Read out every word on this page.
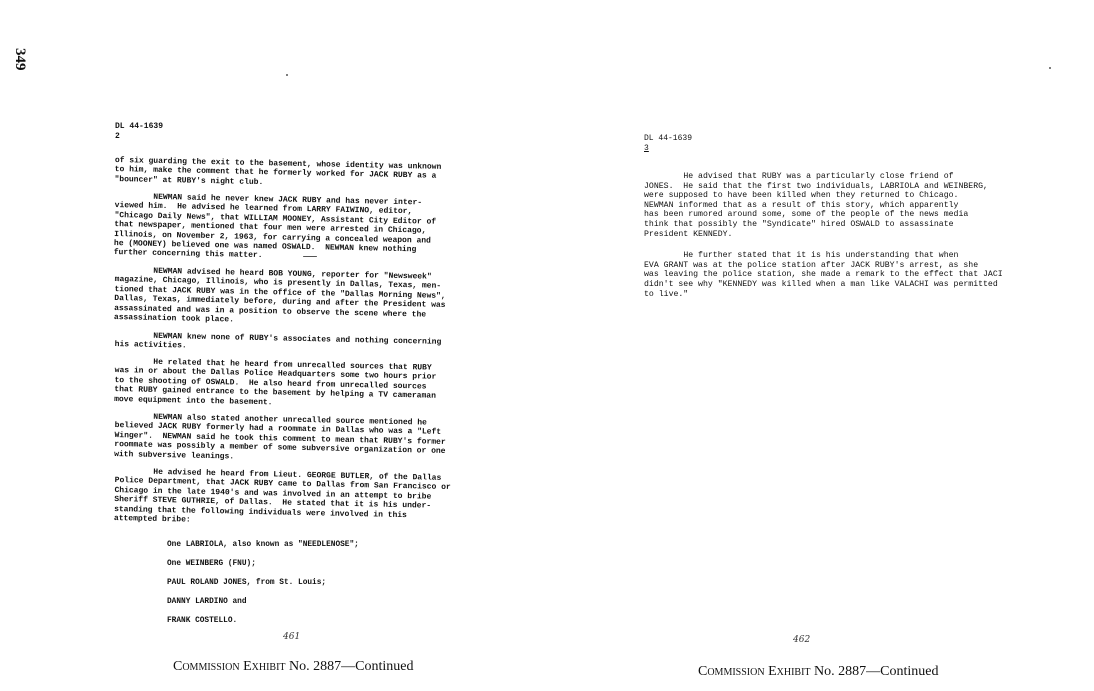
349
DL 44-1639
2

of six guarding the exit to the basement, whose identity was unknown
to him, make the comment that he formerly worked for JACK RUBY as a
"bouncer" at RUBY's night club.

NEWMAN said he never knew JACK RUBY and has never inter-
viewed him.  He advised he learned from LARRY FAIWINO, editor,
"Chicago Daily News", that WILLIAM MOONEY, Assistant City Editor of
that newspaper, mentioned that four men were arrested in Chicago,
Illinois, on November 2, 1963, for carrying a concealed weapon and
he (MOONEY) believed one was named OSWALD.  NEWMAN knew nothing
further concerning this matter.

NEWMAN advised he heard BOB YOUNG, reporter for "Newsweek"
magazine, Chicago, Illinois, who is presently in Dallas, Texas, men-
tioned that JACK RUBY was in the office of the "Dallas Morning News",
Dallas, Texas, immediately before, during and after the President was
assassinated and was in a position to observe the scene where the
assassination took place.

NEWMAN knew none of RUBY's associates and nothing concerning
his activities.

He related that he heard from unrecalled sources that RUBY
was in or about the Dallas Police Headquarters some two hours prior
to the shooting of OSWALD.  He also heard from unrecalled sources
that RUBY gained entrance to the basement by helping a TV cameraman
move equipment into the basement.

NEWMAN also stated another unrecalled source mentioned he
believed JACK RUBY formerly had a roommate in Dallas who was a "Left
Winger".  NEWMAN said he took this comment to mean that RUBY's former
roommate was possibly a member of some subversive organization or one
with subversive leanings.

He advised he heard from Lieut. GEORGE BUTLER, of the Dallas
Police Department, that JACK RUBY came to Dallas from San Francisco or
Chicago in the late 1940's and was involved in an attempt to bribe
Sheriff STEVE GUTHRIE, of Dallas.  He stated that it is his under-
standing that the following individuals were involved in this
attempted bribe:

One LABRIOLA, also known as "NEEDLENOSE";
One WEINBERG (FNU);
PAUL ROLAND JONES, from St. Louis;
DANNY LARDINO and
FRANK COSTELLO.
461
Commission Exhibit No. 2887—Continued
DL 44-1639
3

He advised that RUBY was a particularly close friend of
JONES.  He said that the first two individuals, LABRIOLA and WEINBERG,
were supposed to have been killed when they returned to Chicago.
NEWMAN informed that as a result of this story, which apparently
has been rumored around some, some of the people of the news media
think that possibly the "Syndicate" hired OSWALD to assassinate
President KENNEDY.

He further stated that it is his understanding that when
EVA GRANT was at the police station after JACK RUBY's arrest, as she
was leaving the police station, she made a remark to the effect that JACI
didn't see why "KENNEDY was killed when a man like VALACHI was permitted
to live."

462
Commission Exhibit No. 2887—Continued
